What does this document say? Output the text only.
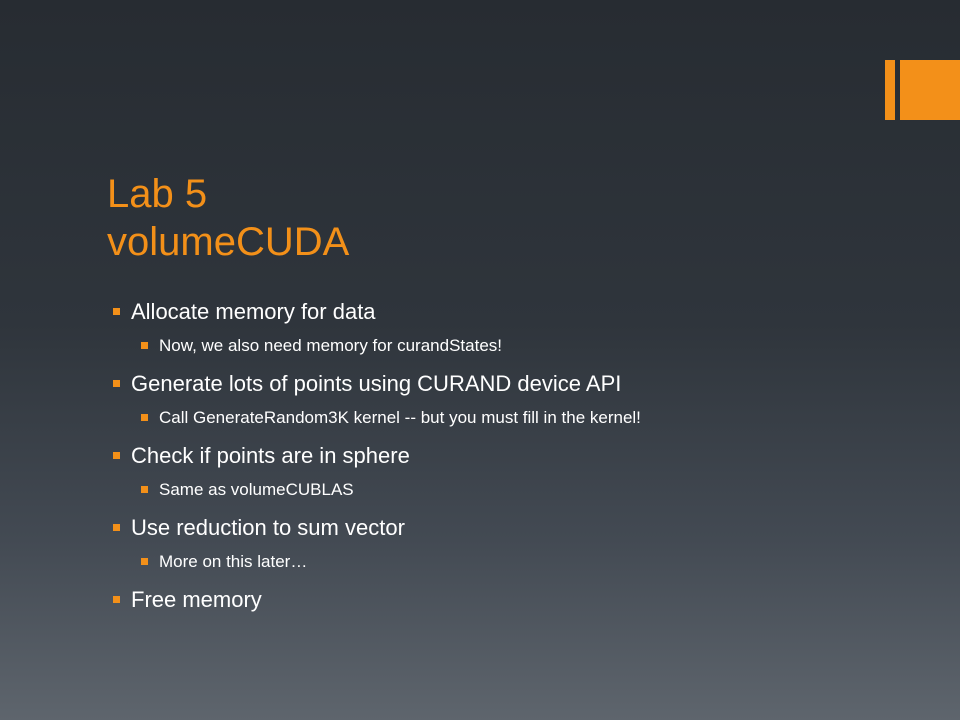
Lab 5
volumeCUDA
Allocate memory for data
Now, we also need memory for curandStates!
Generate lots of points using CURAND device API
Call GenerateRandom3K kernel -- but you must fill in the kernel!
Check if points are in sphere
Same as volumeCUBLAS
Use reduction to sum vector
More on this later…
Free memory
